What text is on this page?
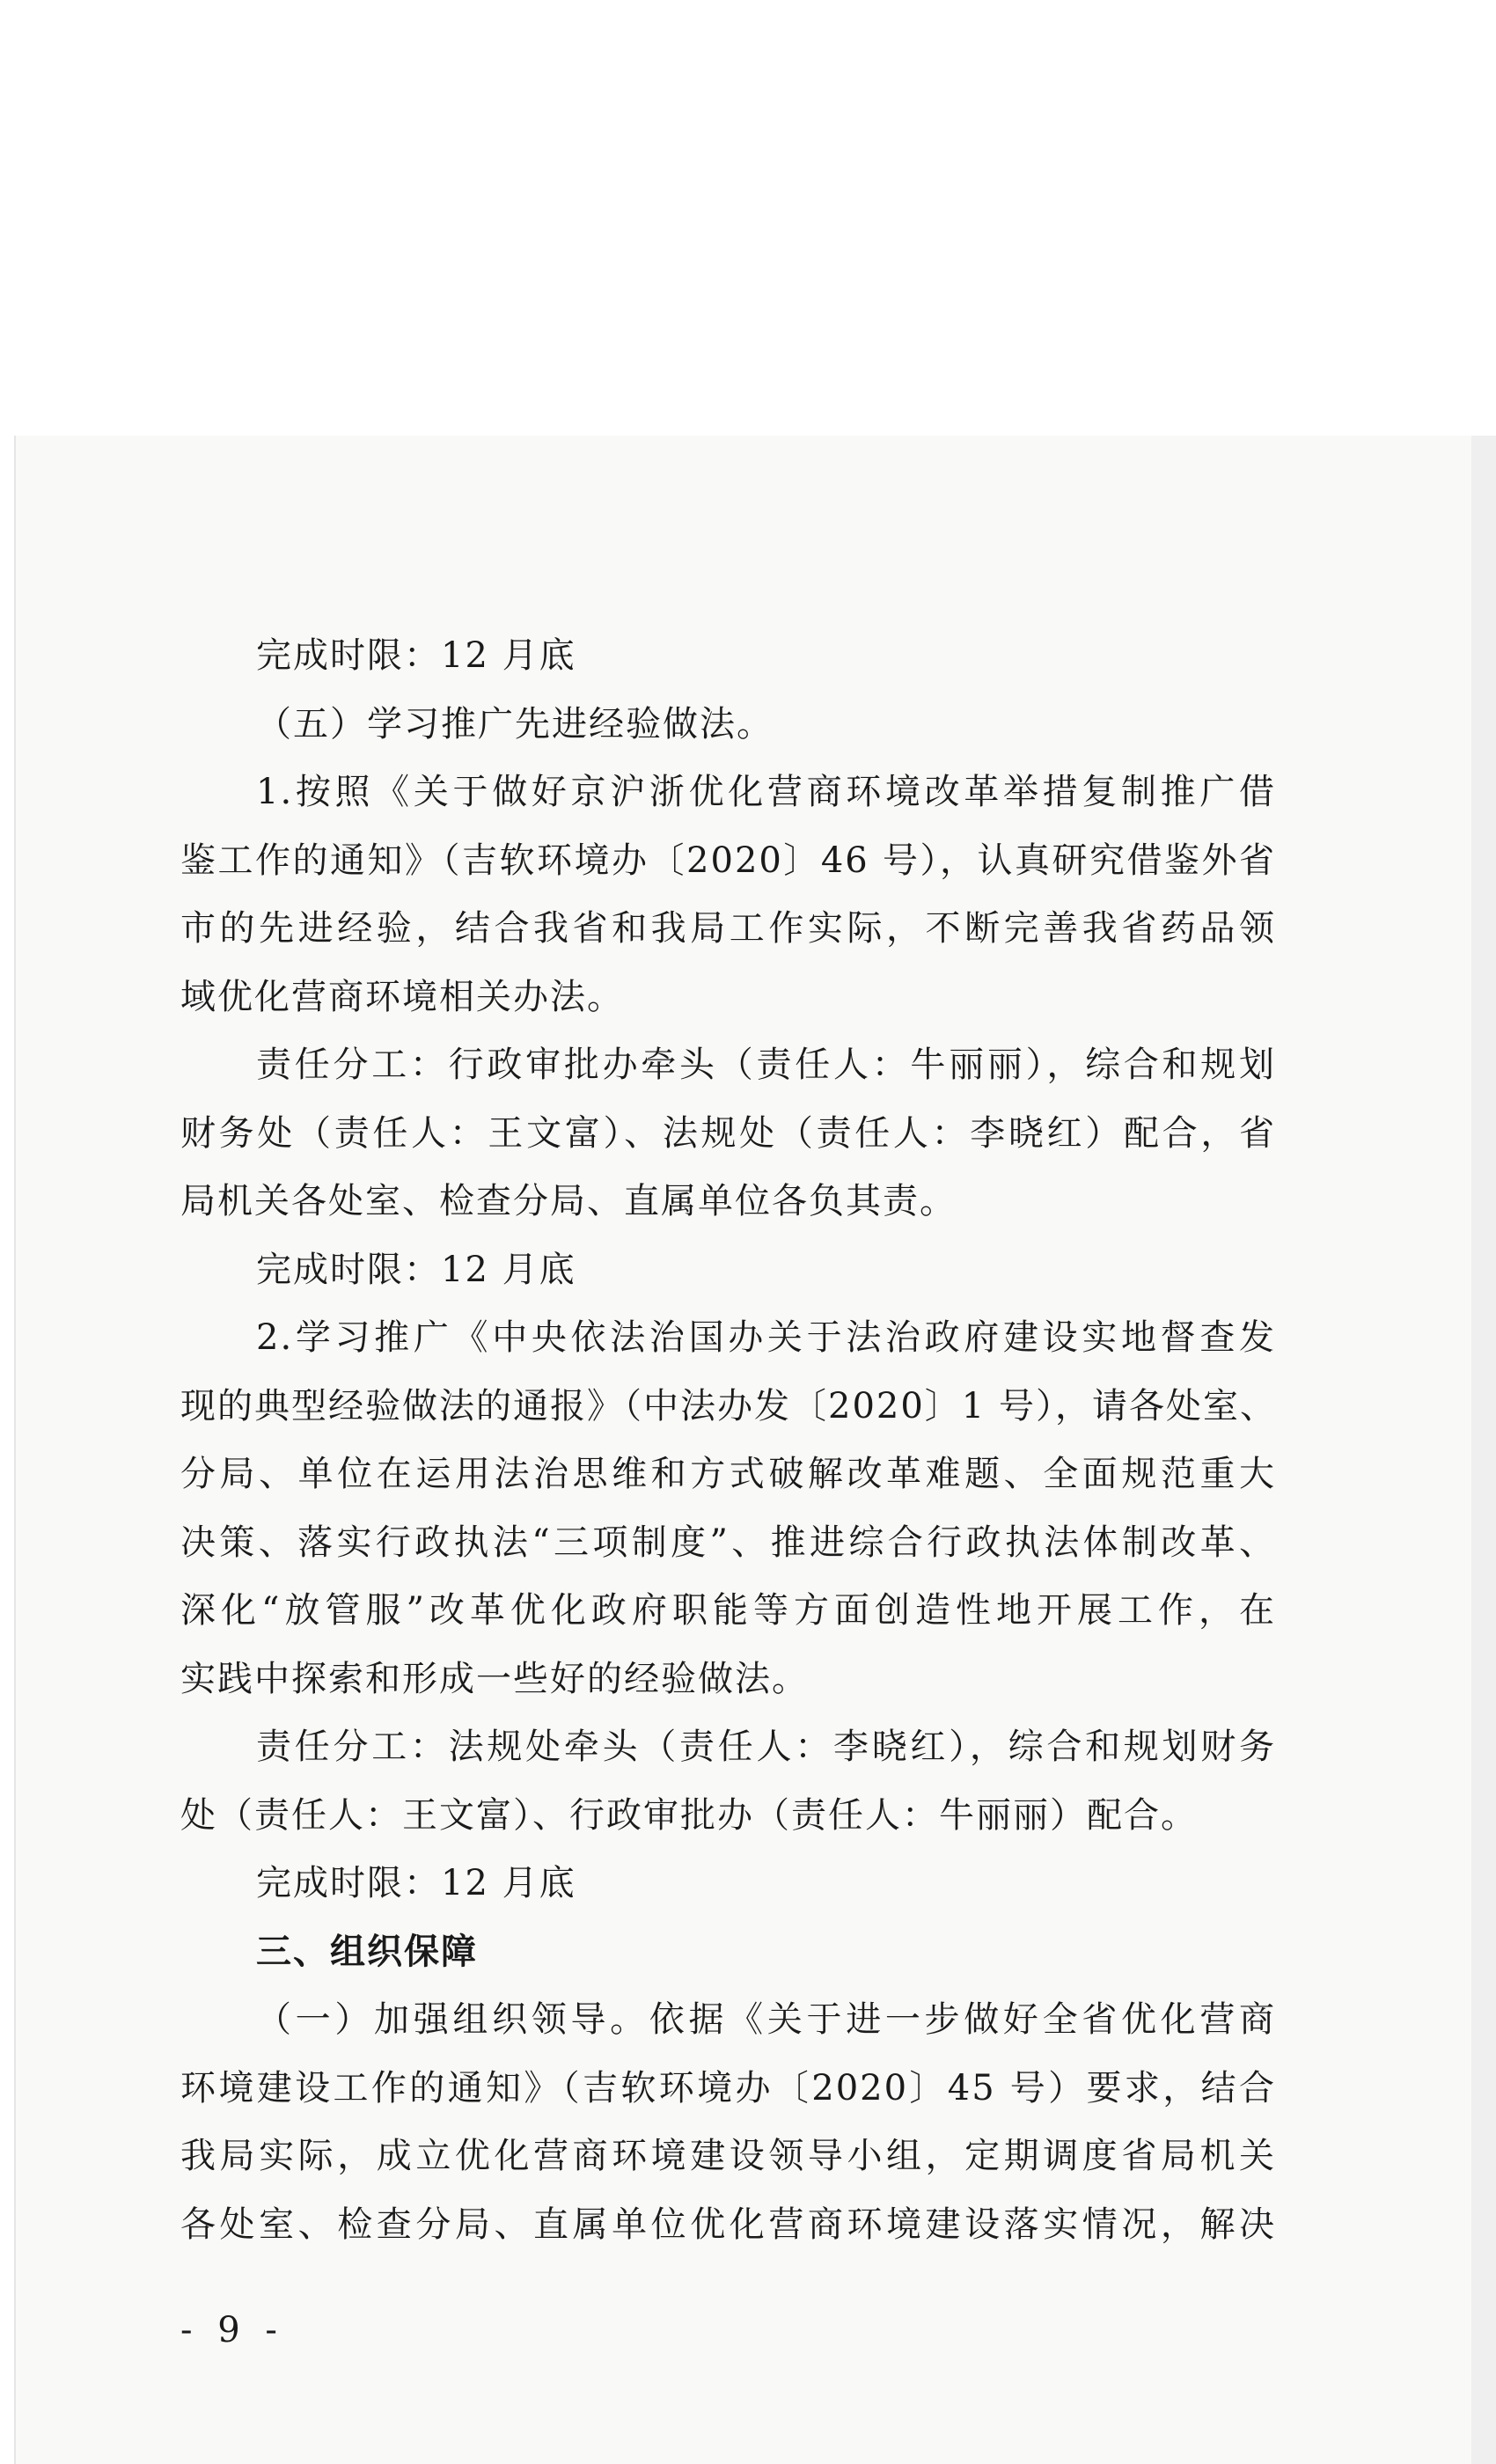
完成时限：12 月底
（五）学习推广先进经验做法。
1.按照《关于做好京沪浙优化营商环境改革举措复制推广借
鉴工作的通知》（吉软环境办〔2020〕46 号），认真研究借鉴外省
市的先进经验，结合我省和我局工作实际，不断完善我省药品领
域优化营商环境相关办法。
责任分工：行政审批办牵头（责任人：牛丽丽），综合和规划
财务处（责任人：王文富）、法规处（责任人：李晓红）配合，省
局机关各处室、检查分局、直属单位各负其责。
完成时限：12 月底
2.学习推广《中央依法治国办关于法治政府建设实地督查发
现的典型经验做法的通报》（中法办发〔2020〕1 号），请各处室、
分局、单位在运用法治思维和方式破解改革难题、全面规范重大
决策、落实行政执法“三项制度”、推进综合行政执法体制改革、
深化“放管服”改革优化政府职能等方面创造性地开展工作，在
实践中探索和形成一些好的经验做法。
责任分工：法规处牵头（责任人：李晓红），综合和规划财务
处（责任人：王文富）、行政审批办（责任人：牛丽丽）配合。
完成时限：12 月底
三、组织保障
（一）加强组织领导。依据《关于进一步做好全省优化营商
环境建设工作的通知》（吉软环境办〔2020〕45 号）要求，结合
我局实际，成立优化营商环境建设领导小组，定期调度省局机关
各处室、检查分局、直属单位优化营商环境建设落实情况，解决
- 9 -
